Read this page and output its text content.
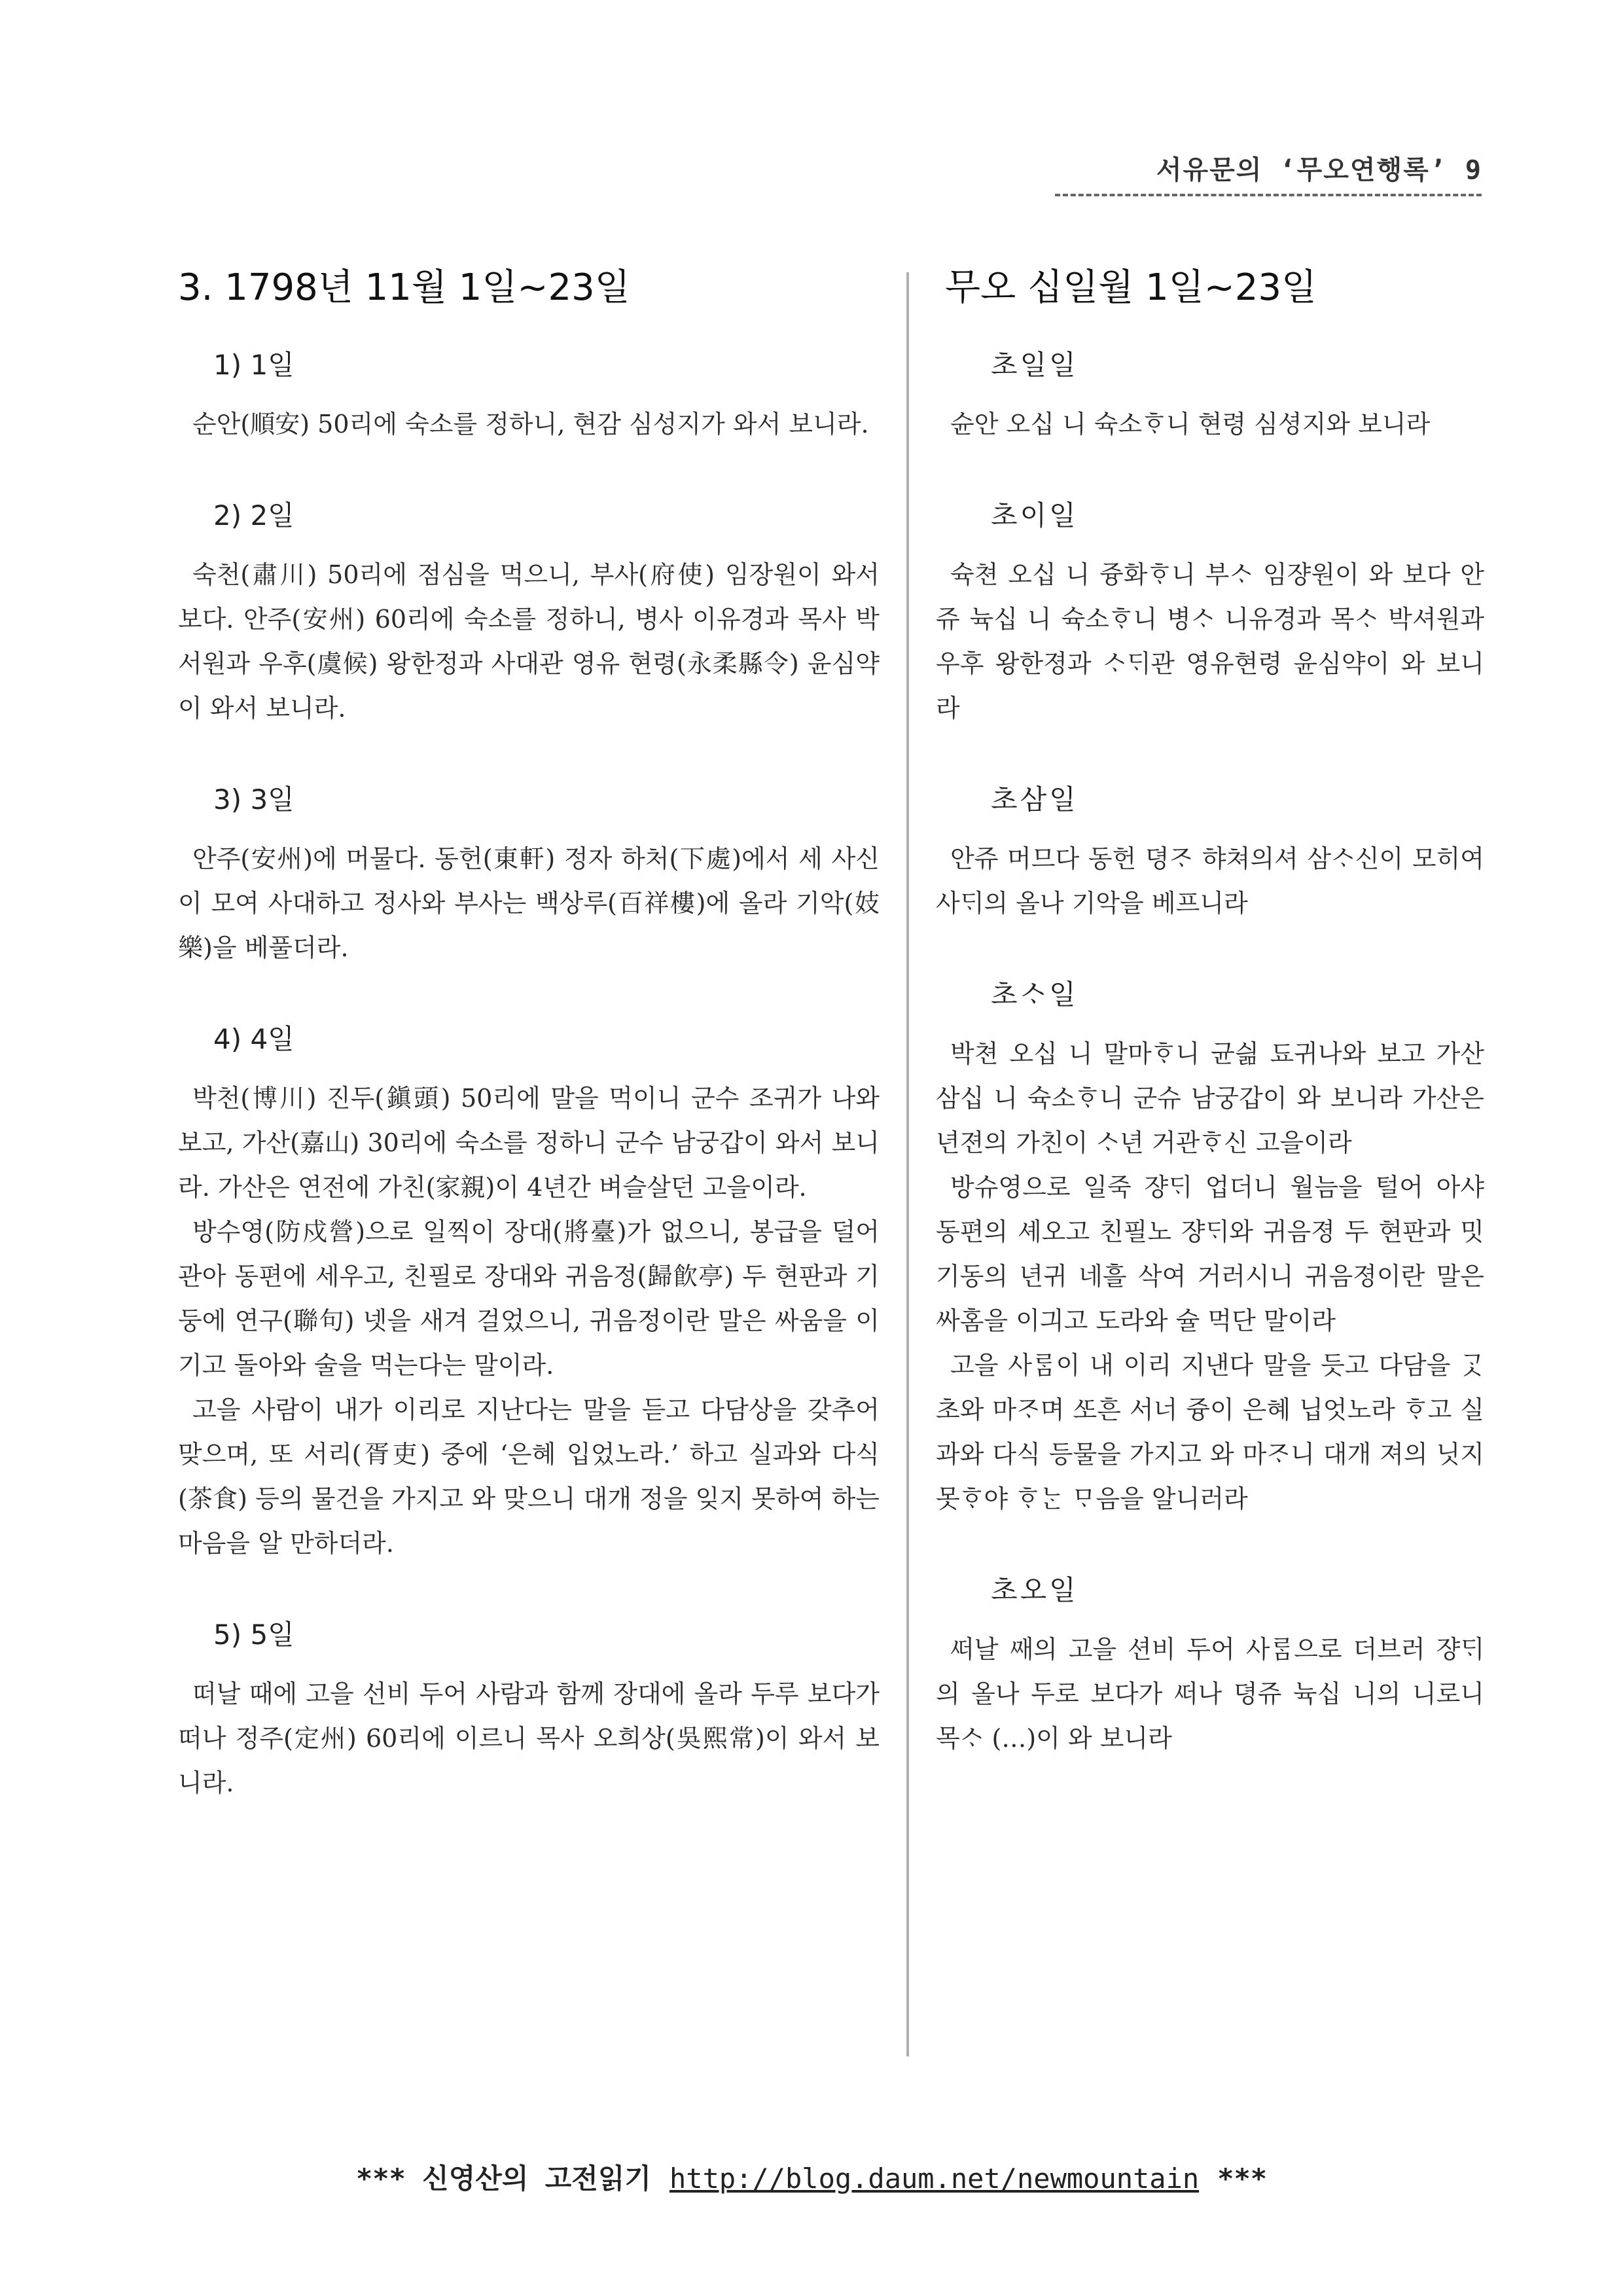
서유문의 ‘무오연행록’ 9
3. 1798년 11월 1일~23일
1) 1일

순안(順安) 50리에 숙소를 정하니, 현감 심성지가 와서 보니라.

2) 2일

숙천(肅川) 50리에 점심을 먹으니, 부사(府使) 임장원이 와서 보다. 안주(安州) 60리에 숙소를 정하니, 병사 이유경과 목사 박서원과 우후(虞候) 왕한정과 사대관 영유 현령(永柔縣令) 윤심약이 와서 보니라.

3) 3일

안주(安州)에 머물다. 동헌(東軒) 정자 하처(下處)에서 세 사신이 모여 사대하고 정사와 부사는 백상루(百祥樓)에 올라 기악(妓樂)을 베풀더라.

4) 4일

박천(博川) 진두(鎭頭) 50리에 말을 먹이니 군수 조귀가 나와 보고, 가산(嘉山) 30리에 숙소를 정하니 군수 남궁갑이 와서 보니라. 가산은 연전에 가친(家親)이 4년간 벼슬살던 고을이라.

방수영(防戍營)으로 일찍이 장대(將臺)가 없으니, 봉급을 덜어 관아 동편에 세우고, 친필로 장대와 귀음정(歸飮亭) 두 현판과 기둥에 연구(聯句) 넷을 새겨 걸었으니, 귀음정이란 말은 싸움을 이기고 돌아와 술을 먹는다는 말이라.

고을 사람이 내가 이리로 지난다는 말을 듣고 다담상을 갖추어 맞으며, 또 서리(胥吏) 중에 ‘은혜 입었노라.’ 하고 실과와 다식(茶食) 등의 물건을 가지고 와 맞으니 대개 정을 잊지 못하여 하는 마음을 알 만하더라.

5) 5일

떠날 때에 고을 선비 두어 사람과 함께 장대에 올라 두루 보다가 떠나 정주(定州) 60리에 이르니 목사 오희상(吳熙常)이 와서 보니라.

무오 십일월 1일~23일
초일일

슌안 오십 니 슉소ᄒᆞ니 현령 심셩지와 보니라

초이일

슉쳔 오십 니 즁화ᄒᆞ니 부ᄉᆞ 임쟝원이 와 보다 안쥬 뉵십 니 슉소ᄒᆞ니 병ᄉᆞ 니유경과 목ᄉᆞ 박셔원과 우후 왕한졍과 ᄉᆞᄃᆡ관 영유현령 윤심약이 와 보니라

초삼일

안쥬 머므다 동헌 뎡ᄌᆞ 햐쳐의셔 삼ᄉᆞ신이 모히여 사ᄃᆡ의 올나 기악을 베프니라

초ᄉᆞ일

박쳔 오십 니 말마ᄒᆞ니 균싊 됴귀나와 보고 가산 삼십 니 슉소ᄒᆞ니 군슈 남궁갑이 와 보니라 가산은 년젼의 가친이 ᄉᆞ년 거관ᄒᆞ신 고을이라

방슈영으로 일죽 쟝ᄃᆡ 업더니 월늠을 털어 아샤 동편의 셰오고 친필노 쟝ᄃᆡ와 귀음졍 두 현판과 밋 기동의 년귀 네흘 삭여 거러시니 귀음졍이란 말은 싸홈을 이긔고 도라와 슐 먹단 말이라

고을 사ᄅᆞᆷ이 내 이리 지낸다 말을 듯고 다담을 ᄀᆞᆺ초와 마ᄌᆞ며 ᄯᅩ흔 서너 즁이 은혜 닙엇노라 ᄒᆞ고 실과와 다식 등물을 가지고 와 마ᄌᆞ니 대개 져의 닛지 못ᄒᆞ야 ᄒᆞᄂᆞᆫ ᄆᆞ음을 알니러라

초오일

ᄯᅥ날 ᄶᅢ의 고을 션비 두어 사ᄅᆞᆷ으로 더브러 쟝ᄃᆡ의 올나 두로 보다가 ᄯᅥ나 뎡쥬 뉵십 니의 니로니 목ᄉᆞ (…)이 와 보니라

*** 신영산의 고전읽기 http://blog.daum.net/newmountain ***
